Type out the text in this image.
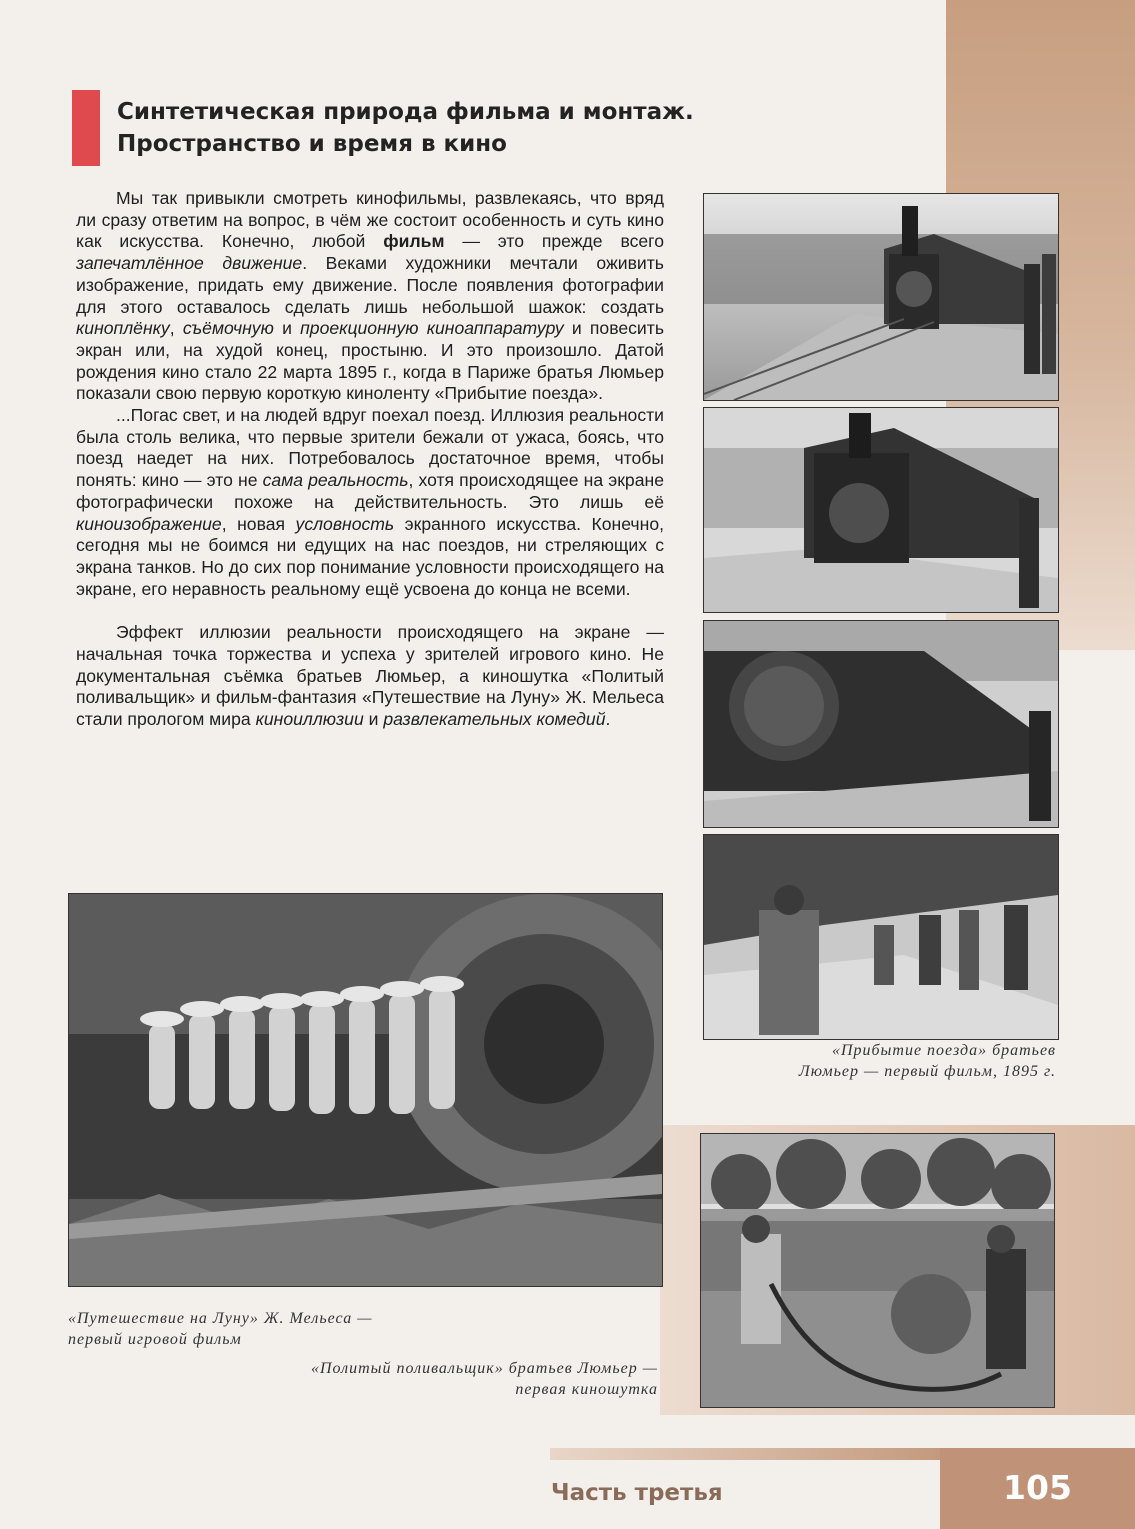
Синтетическая природа фильма и монтаж.
Пространство и время в кино

Мы так привыкли смотреть кинофильмы, развлекаясь, что вряд ли сразу ответим на вопрос, в чём же состоит особенность и суть кино как искусства. Конечно, любой фильм — это прежде всего запечатлённое движение. Веками художники мечтали оживить изображение, придать ему движение. После появления фотографии для этого оставалось сделать лишь небольшой шажок: создать киноплёнку, съёмочную и проекционную киноаппаратуру и повесить экран или, на худой конец, простыню. И это произошло. Датой рождения кино стало 22 марта 1895 г., когда в Париже братья Люмьер показали свою первую короткую киноленту «Прибытие поезда».

...Погас свет, и на людей вдруг поехал поезд. Иллюзия реальности была столь велика, что первые зрители бежали от ужаса, боясь, что поезд наедет на них. Потребовалось достаточное время, чтобы понять: кино — это не сама реальность, хотя происходящее на экране фотографически похоже на действительность. Это лишь её киноизображение, новая условность экранного искусства. Конечно, сегодня мы не боимся ни едущих на нас поездов, ни стреляющих с экрана танков. Но до сих пор понимание условности происходящего на экране, его неравность реальному ещё усвоена до конца не всеми.

Эффект иллюзии реальности происходящего на экране — начальная точка торжества и успеха у зрителей игрового кино. Не документальная съёмка братьев Люмьер, а киношутка «Политый поливальщик» и фильм-фантазия «Путешествие на Луну» Ж. Мельеса стали прологом мира киноиллюзии и развлекательных комедий.

«Прибытие поезда» братьев
Люмьер — первый фильм, 1895 г.
«Путешествие на Луну» Ж. Мельеса —
первый игровой фильм
«Политый поливальщик» братьев Люмьер —
первая киношутка
Часть третья	105
